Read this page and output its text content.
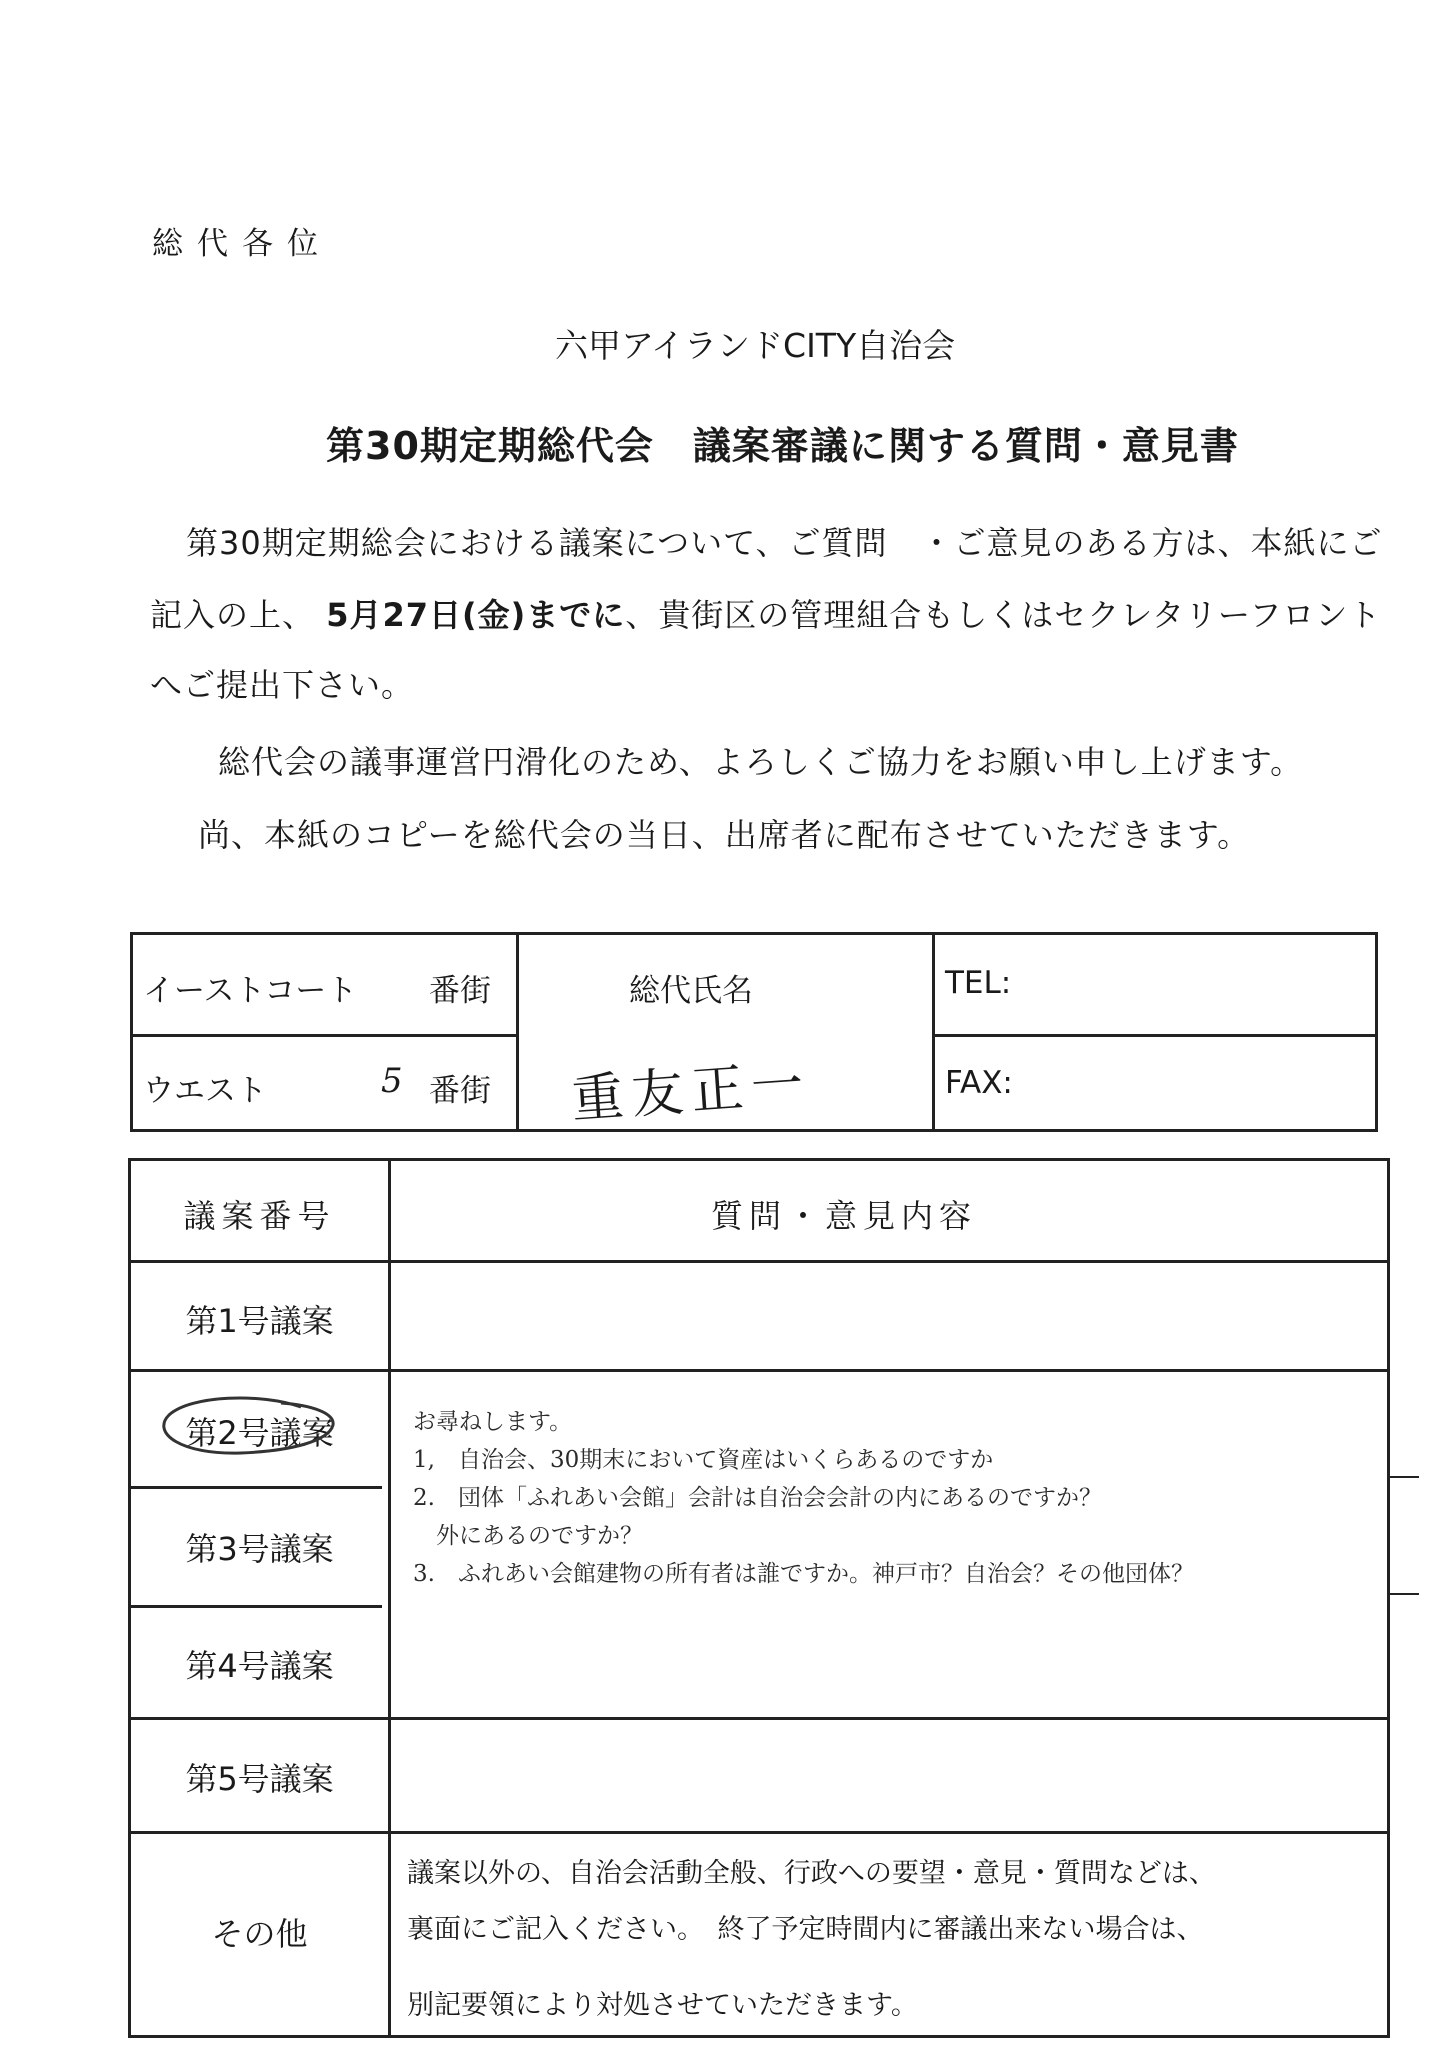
総代各位
六甲アイランドCITY自治会
第30期定期総代会　議案審議に関する質問・意見書
第30期定期総会における議案について、ご質問　・ご意見のある方は、本紙にご
記入の上、 5月27日(金)までに、貴街区の管理組合もしくはセクレタリーフロント
へご提出下さい。
総代会の議事運営円滑化のため、よろしくご協力をお願い申し上げます。
尚、本紙のコピーを総代会の当日、出席者に配布させていただきます。
イーストコート 番街
ウエスト	5 番街
総代氏名
重友正一
TEL:
FAX:
議案番号	質問・意見内容
第1号議案
第2号議案
第3号議案
第4号議案
第5号議案
その他
お尋ねします。
1,　自治会、30期末において資産はいくらあるのですか
2.　団体「ふれあい会館」会計は自治会会計の内にあるのですか？
　外にあるのですか？
3.　ふれあい会館建物の所有者は誰ですか。神戸市？自治会？その他団体？
議案以外の、自治会活動全般、行政への要望・意見・質問などは、
裏面にご記入ください。　終了予定時間内に審議出来ない場合は、
別記要領により対処させていただきます。
